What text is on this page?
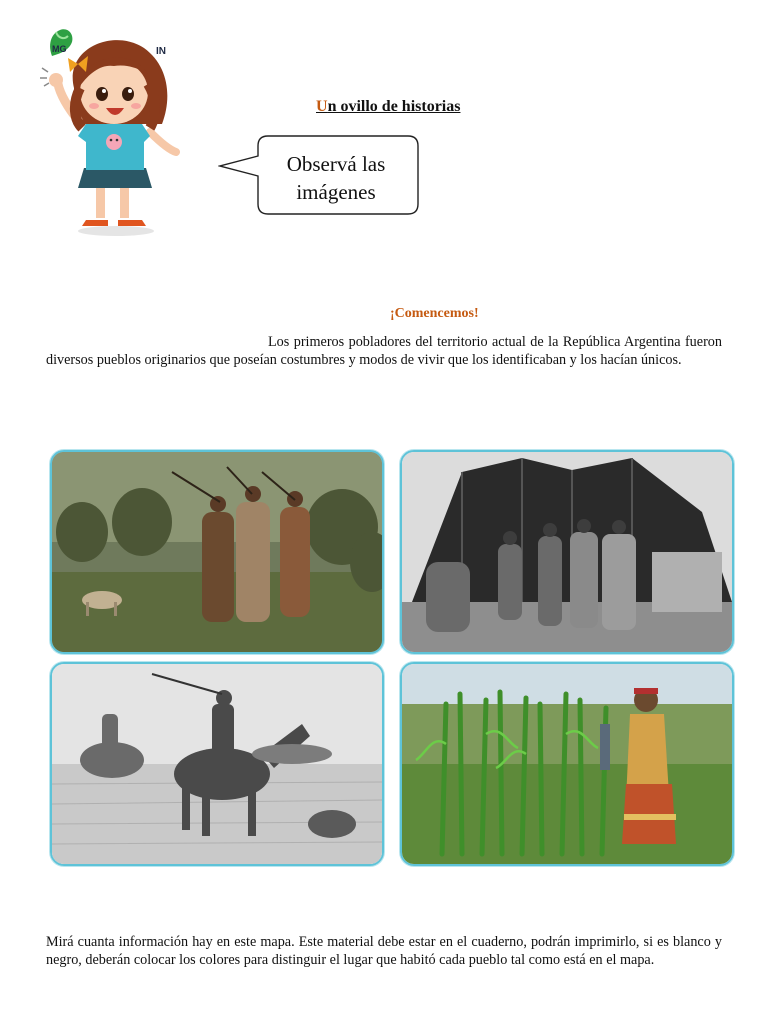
MG	IN
Un ovillo de historias
Observá las imágenes
¡Comencemos!
Los primeros pobladores del territorio actual de la República Argentina fueron diversos pueblos originarios que poseían costumbres y modos de vivir que los identificaban y los hacían únicos.
Mirá cuanta información hay en este mapa. Este material debe estar en el cuaderno, podrán imprimirlo, si es blanco y negro, deberán colocar los colores para distinguir el lugar que habitó cada pueblo tal como está en el mapa.
